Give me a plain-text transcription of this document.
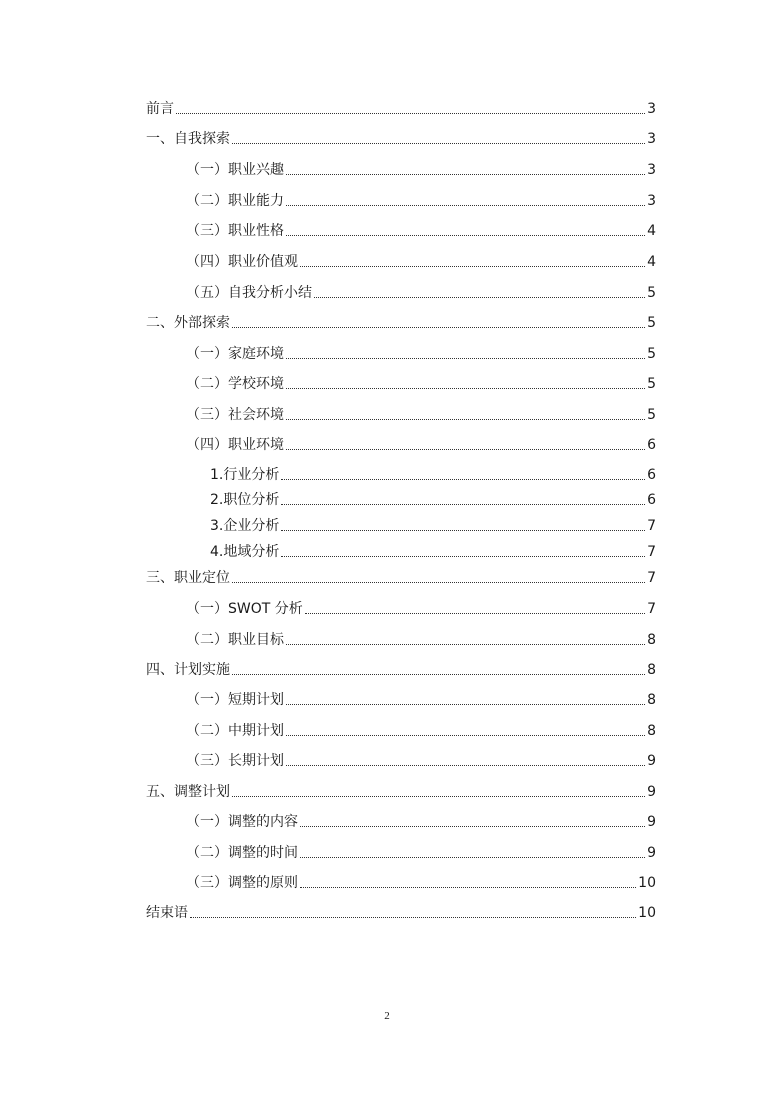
前言	3
一、自我探索	3
（一）职业兴趣	3
（二）职业能力	3
（三）职业性格	4
（四）职业价值观	4
（五）自我分析小结	5
二、外部探索	5
（一）家庭环境	5
（二）学校环境	5
（三）社会环境	5
（四）职业环境	6
1.行业分析	6
2.职位分析	6
3.企业分析	7
4.地域分析	7
三、职业定位	7
（一）SWOT 分析	7
（二）职业目标	8
四、计划实施	8
（一）短期计划	8
（二）中期计划	8
（三）长期计划	9
五、调整计划	9
（一）调整的内容	9
（二）调整的时间	9
（三）调整的原则	10
结束语	10
2
